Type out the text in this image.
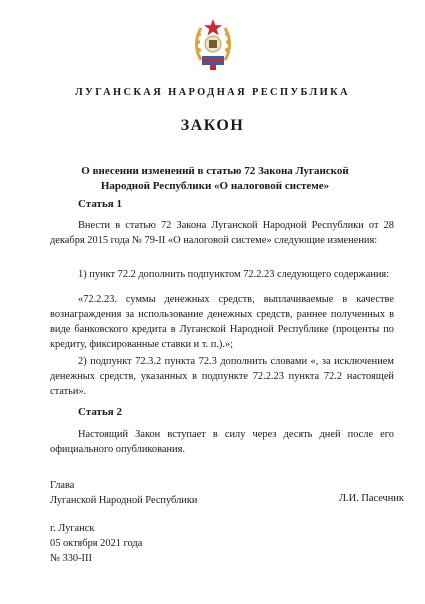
ЛУГАНСКАЯ НАРОДНАЯ РЕСПУБЛИКА
ЗАКОН
О внесении изменений в статью 72 Закона Луганской Народной Республики «О налоговой системе»
Статья 1

Внести в статью 72 Закона Луганской Народной Республики от 28 декабря 2015 года № 79-II «О налоговой системе» следующие изменения:

1) пункт 72.2 дополнить подпунктом 72.2.23 следующего содержания:

«72.2.23. суммы денежных средств, выплачиваемые в качестве вознаграждения за использование денежных средств, раннее полученных в виде банковского кредита в Луганской Народной Республике (проценты по кредиту, фиксированные ставки и т. п.).»;

2) подпункт 72.3.2 пункта 72.3 дополнить словами «, за исключением денежных средств, указанных в подпункте 72.2.23 пункта 72.2 настоящей статьи».

Статья 2

Настоящий Закон вступает в силу через десять дней после его официального опубликования.

Глава
Луганской Народной Республики	Л.И. Пасечник
г. Луганск
05 октября 2021 года
№ 330-III
